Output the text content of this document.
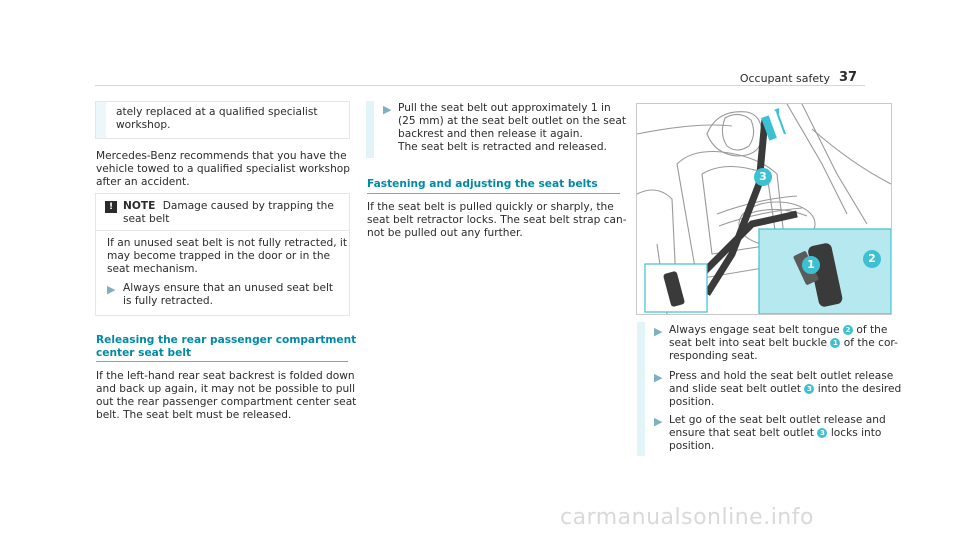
Occupant safety 37
ately replaced at a qualified specialist
workshop.
Mercedes-Benz recommends that you have the
vehicle towed to a qualified specialist workshop
after an accident.
! NOTE Damage caused by trapping the
seat belt
If an unused seat belt is not fully retracted, it
may become trapped in the door or in the
seat mechanism.
▶ Always ensure that an unused seat belt
is fully retracted.
Releasing the rear passenger compartment
center seat belt
If the left-hand rear seat backrest is folded down
and back up again, it may not be possible to pull
out the rear passenger compartment center seat
belt. The seat belt must be released.
▶ Pull the seat belt out approximately 1 in
(25 mm) at the seat belt outlet on the seat
backrest and then release it again.
The seat belt is retracted and released.
Fastening and adjusting the seat belts
If the seat belt is pulled quickly or sharply, the
seat belt retractor locks. The seat belt strap can-
not be pulled out any further.
3
1	2
▶ Always engage seat belt tongue 2 of the
seat belt into seat belt buckle 1 of the cor-
responding seat.
▶ Press and hold the seat belt outlet release
and slide seat belt outlet 3 into the desired
position.
▶ Let go of the seat belt outlet release and
ensure that seat belt outlet 3 locks into
position.
carmanualsonline.info
